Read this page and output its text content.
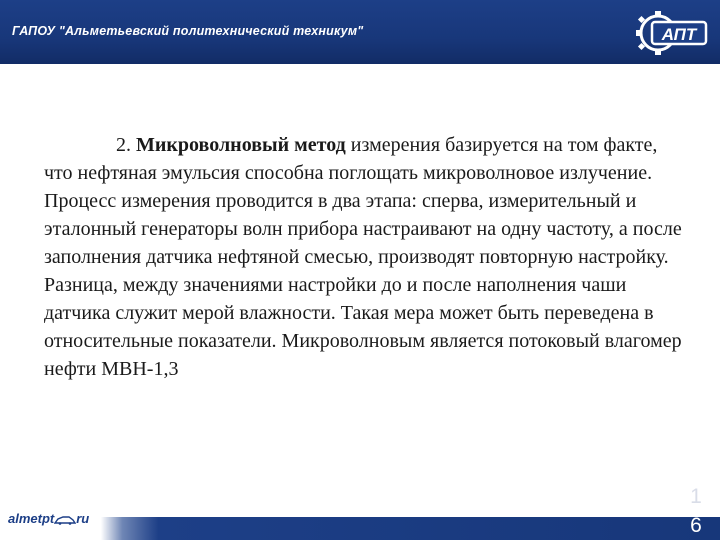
ГАПОУ "Альметьевский политехнический техникум"	АПТ
2. Микроволновый метод измерения базируется на том факте, что нефтяная эмульсия способна поглощать микроволновое излучение. Процесс измерения проводится в два этапа: сперва, измерительный и эталонный генераторы волн прибора настраивают на одну частоту, а после заполнения датчика нефтяной смесью, производят повторную настройку. Разница, между значениями настройки до и после наполнения чаши датчика служит мерой влажности. Такая мера может быть переведена в относительные показатели. Микроволновым является потоковый влагомер нефти МВН-1,3
almetpt ru
1
6
